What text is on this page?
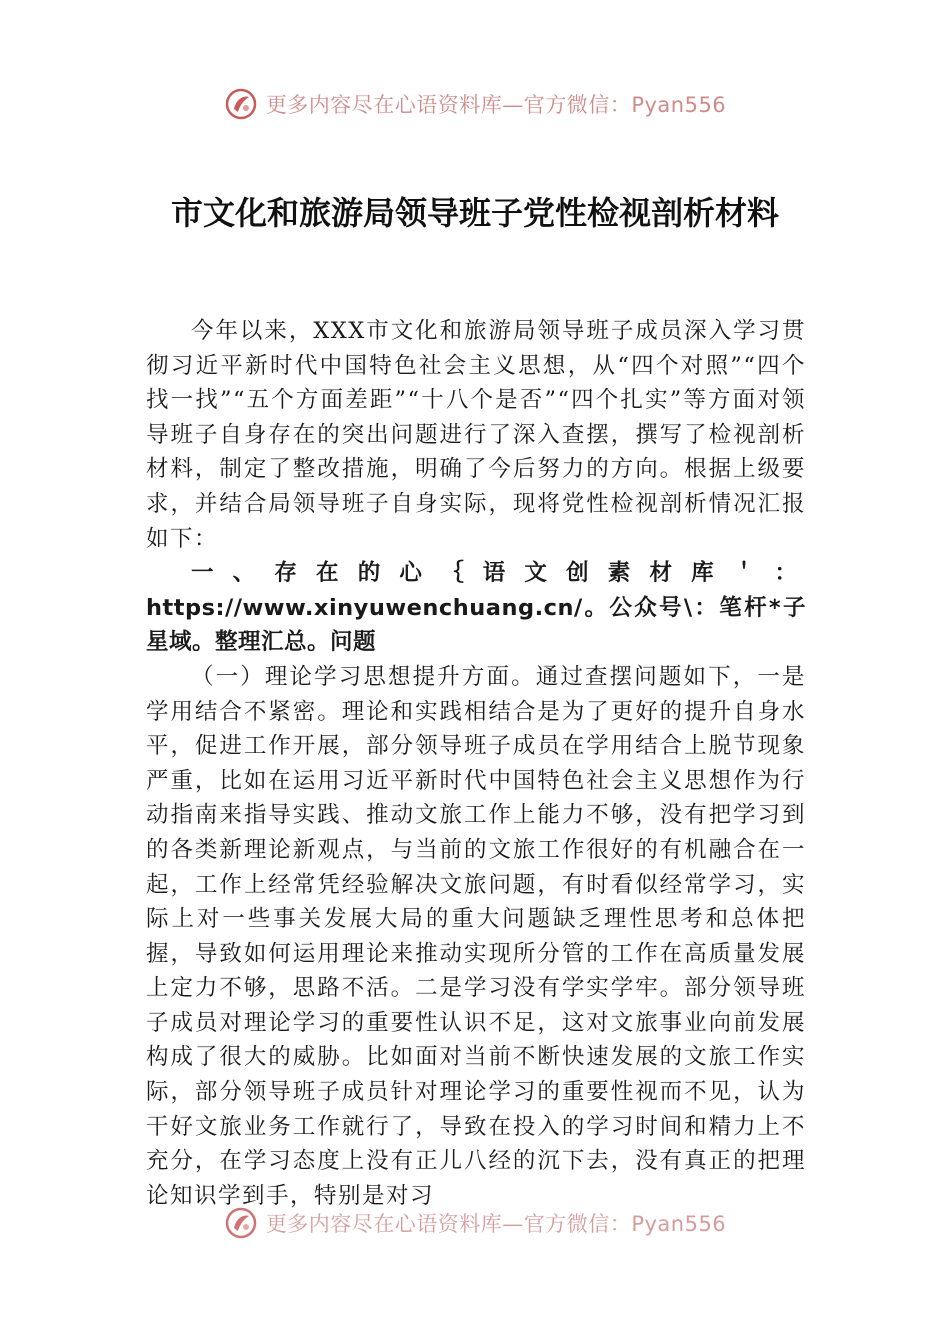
更多内容尽在心语资料库—官方微信：Pyan556
市文化和旅游局领导班子党性检视剖析材料

今年以来，XXX市文化和旅游局领导班子成员深入学习贯彻习近平新时代中国特色社会主义思想，从“四个对照”“四个找一找”“五个方面差距”“十八个是否”“四个扎实”等方面对领导班子自身存在的突出问题进行了深入查摆，撰写了检视剖析材料，制定了整改措施，明确了今后努力的方向。根据上级要求，并结合局领导班子自身实际，现将党性检视剖析情况汇报如下：

一、存在的心｛语文创素材库＇：https://www.xinyuwenchuang.cn/。公众号\：笔杆*子星域。整理汇总。问题

（一）理论学习思想提升方面。通过查摆问题如下，一是学用结合不紧密。理论和实践相结合是为了更好的提升自身水平，促进工作开展，部分领导班子成员在学用结合上脱节现象严重，比如在运用习近平新时代中国特色社会主义思想作为行动指南来指导实践、推动文旅工作上能力不够，没有把学习到的各类新理论新观点，与当前的文旅工作很好的有机融合在一起，工作上经常凭经验解决文旅问题，有时看似经常学习，实际上对一些事关发展大局的重大问题缺乏理性思考和总体把握，导致如何运用理论来推动实现所分管的工作在高质量发展上定力不够，思路不活。二是学习没有学实学牢。部分领导班子成员对理论学习的重要性认识不足，这对文旅事业向前发展构成了很大的威胁。比如面对当前不断快速发展的文旅工作实际，部分领导班子成员针对理论学习的重要性视而不见，认为干好文旅业务工作就行了，导致在投入的学习时间和精力上不充分，在学习态度上没有正儿八经的沉下去，没有真正的把理论知识学到手，特别是对习

更多内容尽在心语资料库—官方微信：Pyan556
